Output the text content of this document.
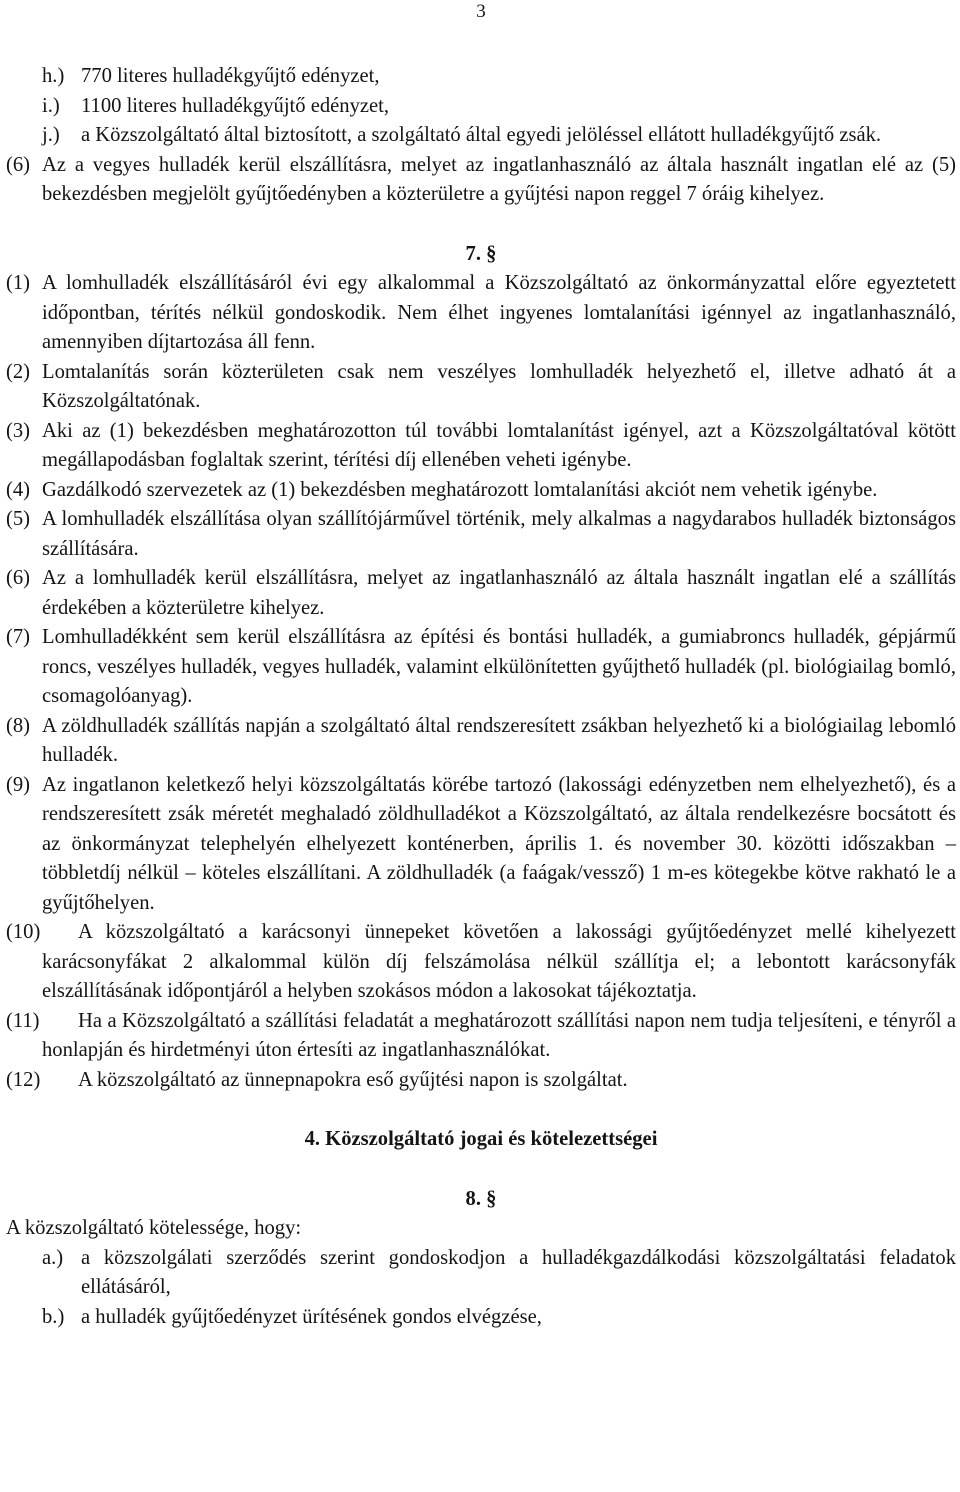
3
h.) 770 literes hulladékgyűjtő edényzet,
i.) 1100 literes hulladékgyűjtő edényzet,
j.) a Közszolgáltató által biztosított, a szolgáltató által egyedi jelöléssel ellátott hulladékgyűjtő zsák.
(6) Az a vegyes hulladék kerül elszállításra, melyet az ingatlanhasználó az általa használt ingatlan elé az (5) bekezdésben megjelölt gyűjtőedényben a közterületre a gyűjtési napon reggel 7 óráig kihelyez.
7. §
(1) A lomhulladék elszállításáról évi egy alkalommal a Közszolgáltató az önkormányzattal előre egyeztetett időpontban, térítés nélkül gondoskodik. Nem élhet ingyenes lomtalanítási igénnyel az ingatlanhasználó, amennyiben díjtartozása áll fenn.
(2) Lomtalanítás során közterületen csak nem veszélyes lomhulladék helyezhető el, illetve adható át a Közszolgáltatónak.
(3) Aki az (1) bekezdésben meghatározotton túl további lomtalanítást igényel, azt a Közszolgáltatóval kötött megállapodásban foglaltak szerint, térítési díj ellenében veheti igénybe.
(4) Gazdálkodó szervezetek az (1) bekezdésben meghatározott lomtalanítási akciót nem vehetik igénybe.
(5) A lomhulladék elszállítása olyan szállítójárművel történik, mely alkalmas a nagydarabos hulladék biztonságos szállítására.
(6) Az a lomhulladék kerül elszállításra, melyet az ingatlanhasználó az általa használt ingatlan elé a szállítás érdekében a közterületre kihelyez.
(7) Lomhulladékként sem kerül elszállításra az építési és bontási hulladék, a gumiabroncs hulladék, gépjármű roncs, veszélyes hulladék, vegyes hulladék, valamint elkülönítetten gyűjthető hulladék (pl. biológiailag bomló, csomagolóanyag).
(8) A zöldhulladék szállítás napján a szolgáltató által rendszeresített zsákban helyezhető ki a biológiailag lebomló hulladék.
(9) Az ingatlanon keletkező helyi közszolgáltatás körébe tartozó (lakossági edényzetben nem elhelyezhető), és a rendszeresített zsák méretét meghaladó zöldhulladékot a Közszolgáltató, az általa rendelkezésre bocsátott és az önkormányzat telephelyén elhelyezett konténerben, április 1. és november 30. közötti időszakban – többletdíj nélkül – köteles elszállítani. A zöldhulladék (a faágak/vessző) 1 m-es kötegekbe kötve rakható le a gyűjtőhelyen.
(10)	A közszolgáltató a karácsonyi ünnepeket követően a lakossági gyűjtőedényzet mellé kihelyezett karácsonyfákat 2 alkalommal külön díj felszámolása nélkül szállítja el; a lebontott karácsonyfák elszállításának időpontjáról a helyben szokásos módon a lakosokat tájékoztatja.
(11)	Ha a Közszolgáltató a szállítási feladatát a meghatározott szállítási napon nem tudja teljesíteni, e tényről a honlapján és hirdetményi úton értesíti az ingatlanhasználókat.
(12)	A közszolgáltató az ünnepnapokra eső gyűjtési napon is szolgáltat.
4. Közszolgáltató jogai és kötelezettségei
8. §
A közszolgáltató kötelessége, hogy:
a.) a közszolgálati szerződés szerint gondoskodjon a hulladékgazdálkodási közszolgáltatási feladatok ellátásáról,
b.) a hulladék gyűjtőedényzet ürítésének gondos elvégzése,
